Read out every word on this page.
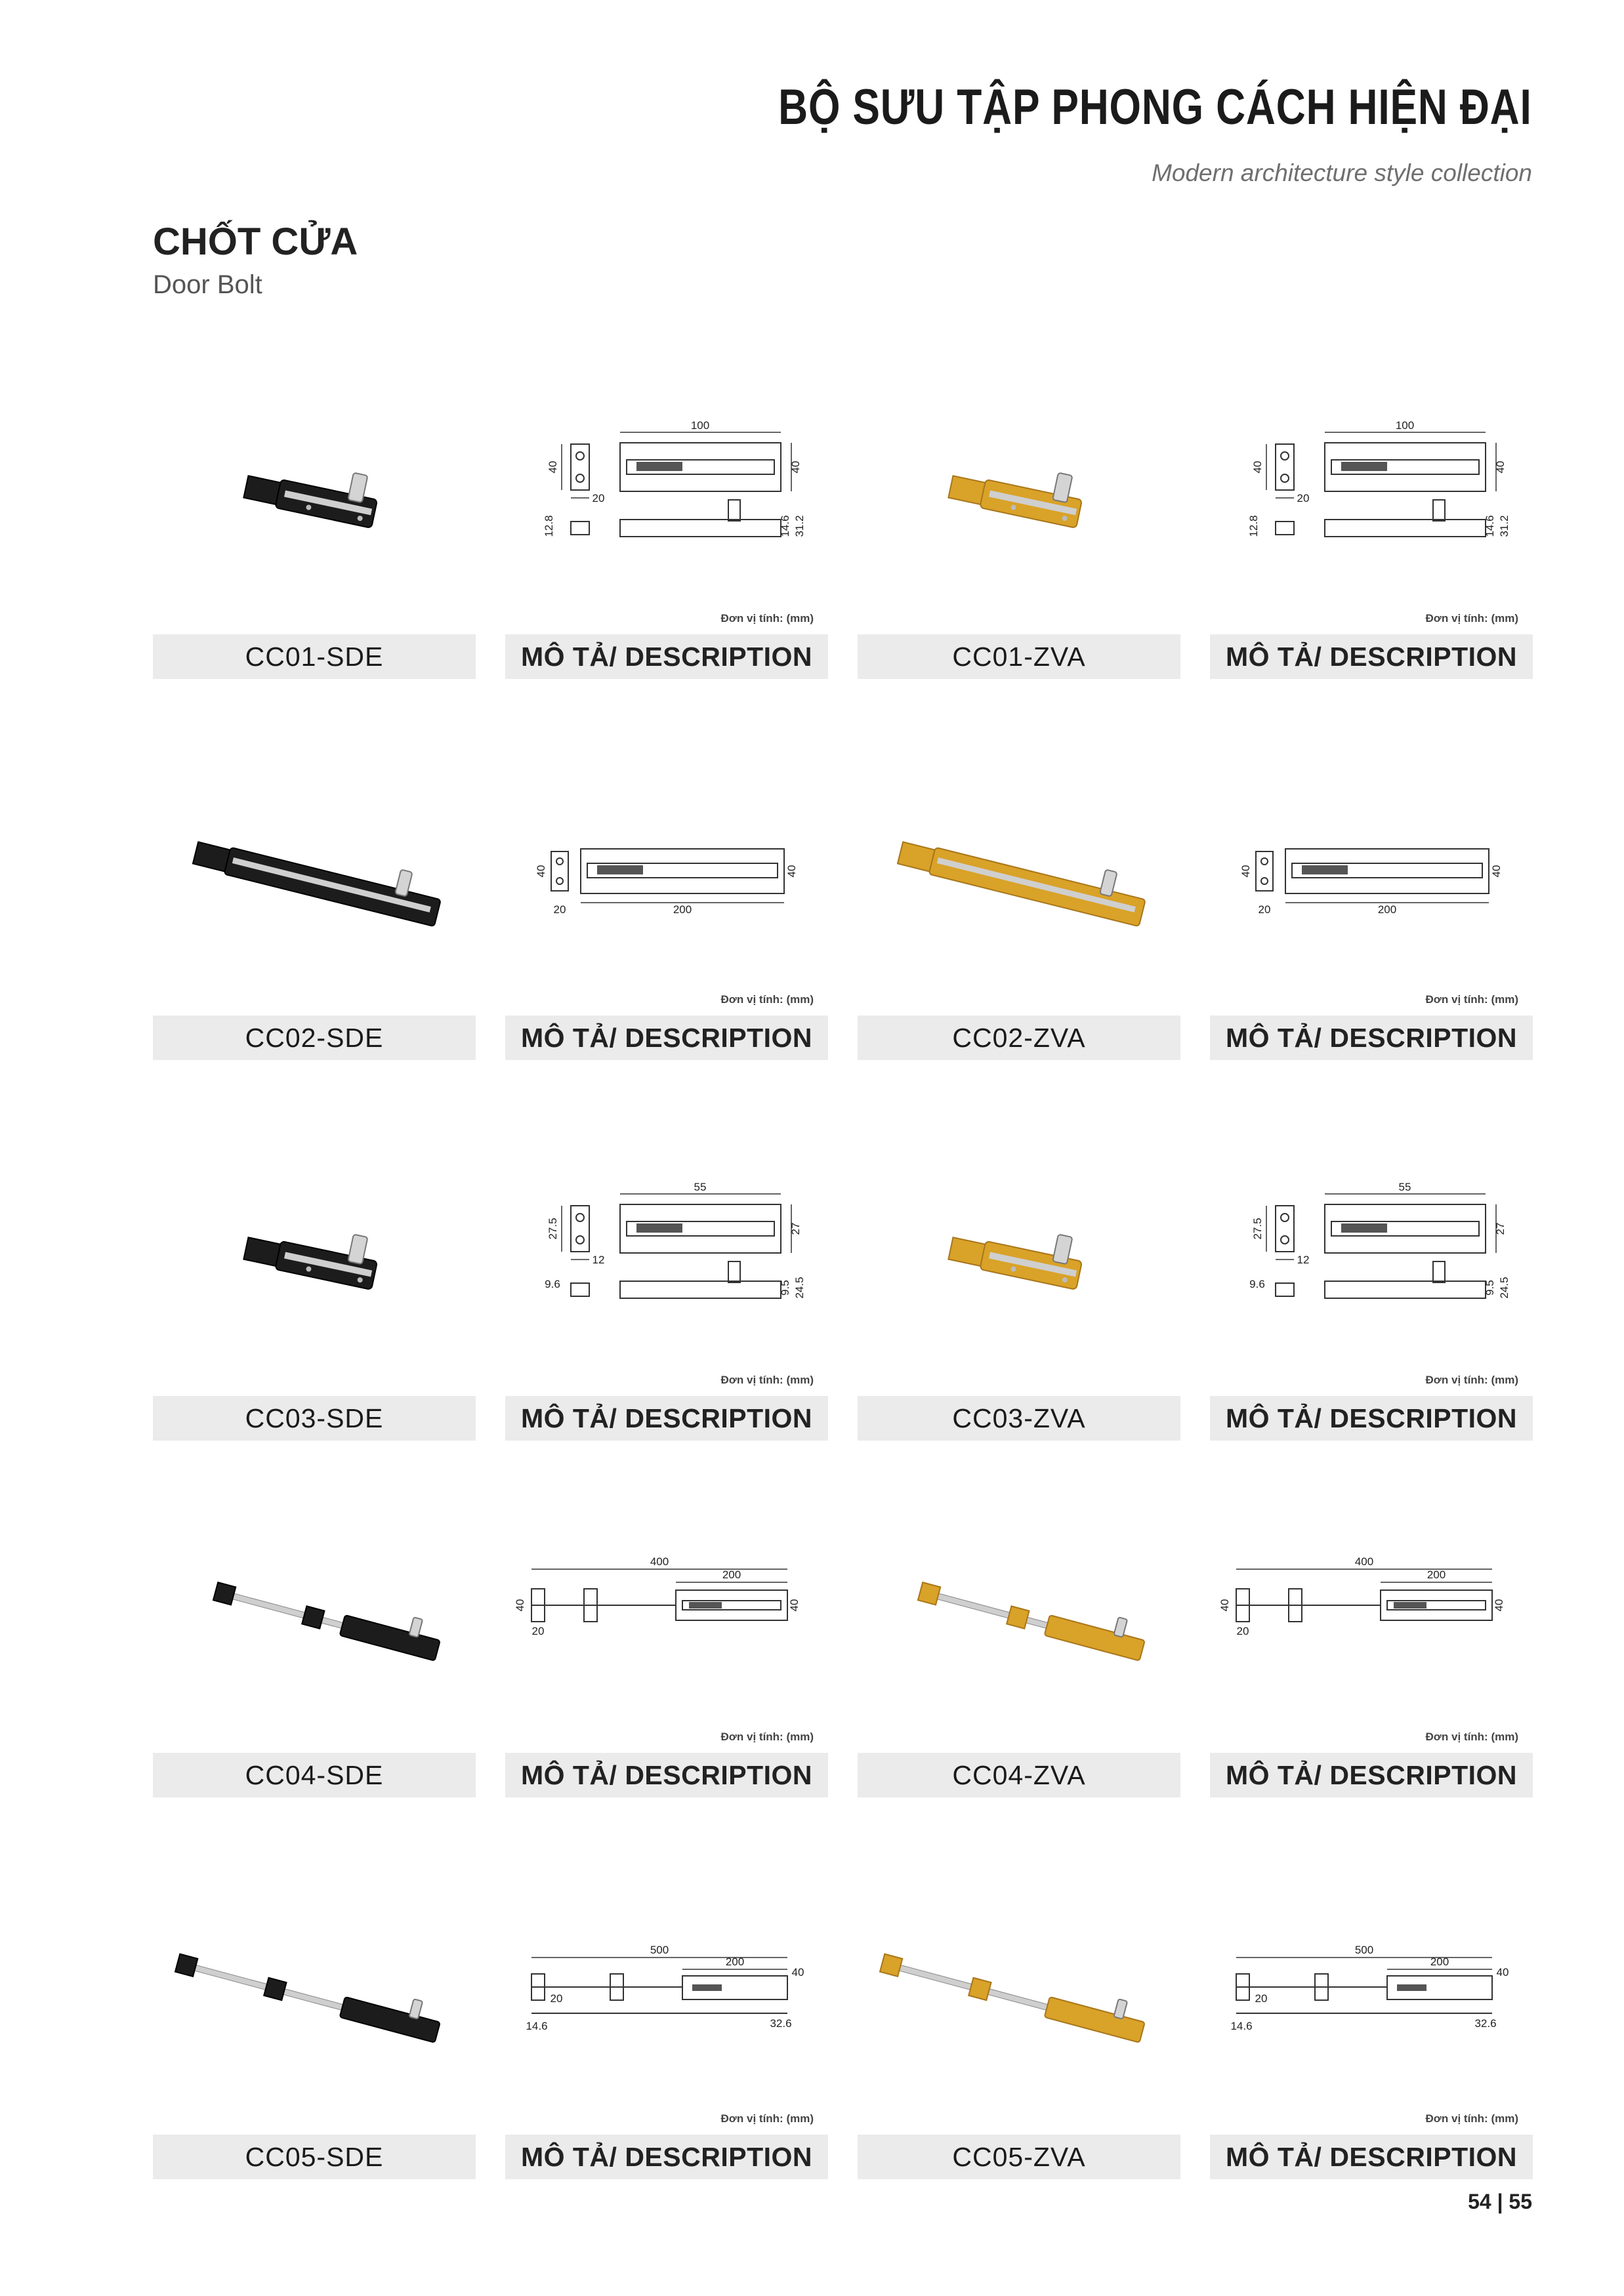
BỘ SƯU TẬP PHONG CÁCH HIỆN ĐẠI
Modern architecture style collection
CHỐT CỬA
Door Bolt
CC01-SDE
100
40	40
20
12.8	14.6 31.2
Đơn vị tính: (mm)
MÔ TẢ/ DESCRIPTION	CC01-ZVA
100
40	40
20
12.8	14.6 31.2
Đơn vị tính: (mm)
MÔ TẢ/ DESCRIPTION
CC02-SDE
200
40	40
20
Đơn vị tính: (mm)
MÔ TẢ/ DESCRIPTION	CC02-ZVA
200
40	40
20
Đơn vị tính: (mm)
MÔ TẢ/ DESCRIPTION
CC03-SDE
55
27.5	27
12
9.6	9.5 24.5
Đơn vị tính: (mm)
MÔ TẢ/ DESCRIPTION	CC03-ZVA
55
27.5	27
12
9.6	9.5 24.5
Đơn vị tính: (mm)
MÔ TẢ/ DESCRIPTION
CC04-SDE
400
200
40	40
20
Đơn vị tính: (mm)
MÔ TẢ/ DESCRIPTION	CC04-ZVA
400
200
40	40
20
Đơn vị tính: (mm)
MÔ TẢ/ DESCRIPTION
CC05-SDE
500
200
40
20
14.6	32.6
Đơn vị tính: (mm)
MÔ TẢ/ DESCRIPTION	CC05-ZVA
500
200
40
20
14.6	32.6
Đơn vị tính: (mm)
MÔ TẢ/ DESCRIPTION
54 | 55
